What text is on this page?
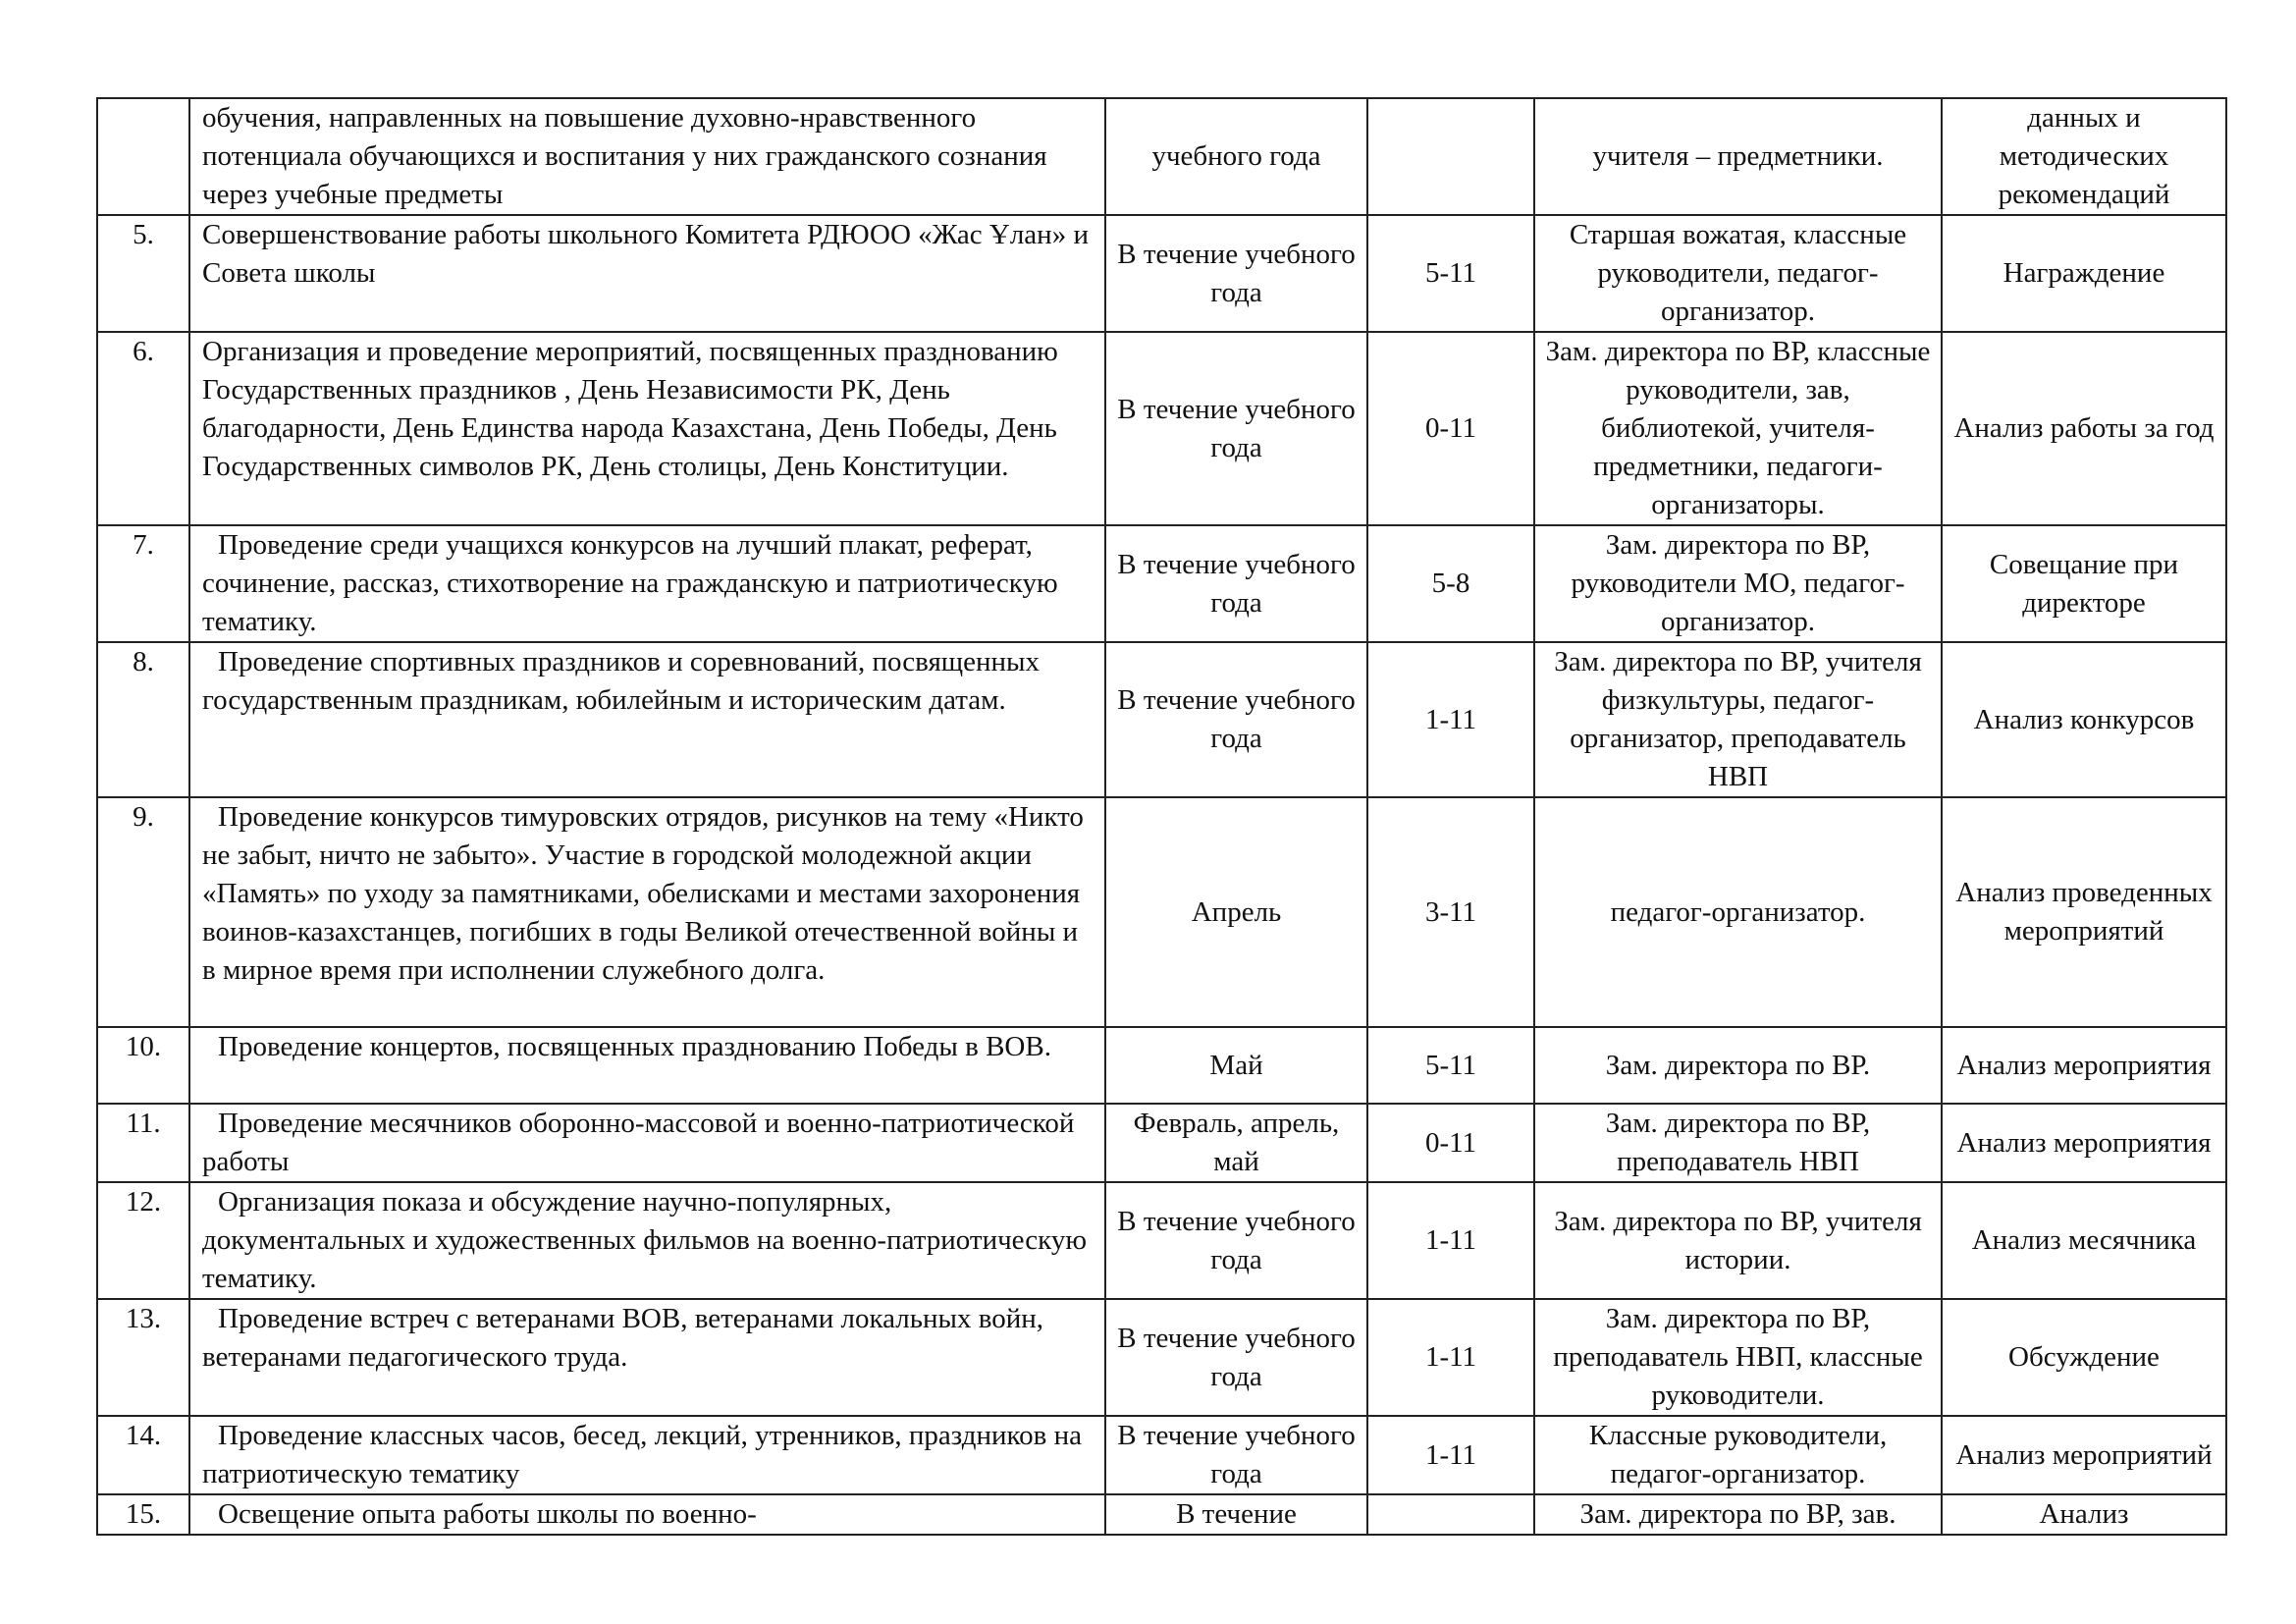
	обучения, направленных на повышение духовно-нравственного потенциала обучающихся и воспитания у них гражданского сознания через учебные предметы	учебного года		учителя – предметники.	данных и методических рекомендаций
5.	Совершенствование работы школьного Комитета РДЮОО «Жас Ұлан» и Совета школы	В течение учебного года	5-11	Старшая вожатая, классные руководители, педагог-организатор.	Награждение
6.	Организация и проведение мероприятий, посвященных празднованию Государственных праздников , День Независимости РК, День благодарности, День Единства народа Казахстана, День Победы, День Государственных символов РК, День столицы, День Конституции.	В течение учебного года	0-11	Зам. директора по ВР, классные руководители, зав, библиотекой, учителя-предметники, педагоги-организаторы.	Анализ работы за год
7.	Проведение среди учащихся конкурсов на лучший плакат, реферат, сочинение, рассказ, стихотворение на гражданскую и патриотическую тематику.	В течение учебного года	5-8	Зам. директора по ВР, руководители МО, педагог-организатор.	Совещание при директоре
8.	Проведение спортивных праздников и соревнований, посвященных государственным праздникам, юбилейным и историческим датам.	В течение учебного года	1-11	Зам. директора по ВР, учителя физкультуры, педагог-организатор, преподаватель НВП	Анализ конкурсов
9.	Проведение конкурсов тимуровских отрядов, рисунков на тему «Никто не забыт, ничто не забыто». Участие в городской молодежной акции «Память» по уходу за памятниками, обелисками и местами захоронения воинов-казахстанцев, погибших в годы Великой отечественной войны и в мирное время при исполнении служебного долга.	Апрель	3-11	педагог-организатор.	Анализ проведенных мероприятий
10.	Проведение концертов, посвященных празднованию Победы в ВОВ.	Май	5-11	Зам. директора по ВР.	Анализ мероприятия
11.	Проведение месячников оборонно-массовой и военно-патриотической работы	Февраль, апрель, май	0-11	Зам. директора по ВР, преподаватель НВП	Анализ мероприятия
12.	Организация показа и обсуждение научно-популярных, документальных и художественных фильмов на военно-патриотическую тематику.	В течение учебного года	1-11	Зам. директора по ВР, учителя истории.	Анализ месячника
13.	Проведение встреч с ветеранами ВОВ, ветеранами локальных войн, ветеранами педагогического труда.	В течение учебного года	1-11	Зам. директора по ВР, преподаватель НВП, классные руководители.	Обсуждение
14.	Проведение классных часов, бесед, лекций, утренников, праздников на патриотическую тематику	В течение учебного года	1-11	Классные руководители, педагог-организатор.	Анализ мероприятий
15.	Освещение опыта работы школы по военно-	В течение		Зам. директора по ВР, зав.	Анализ
